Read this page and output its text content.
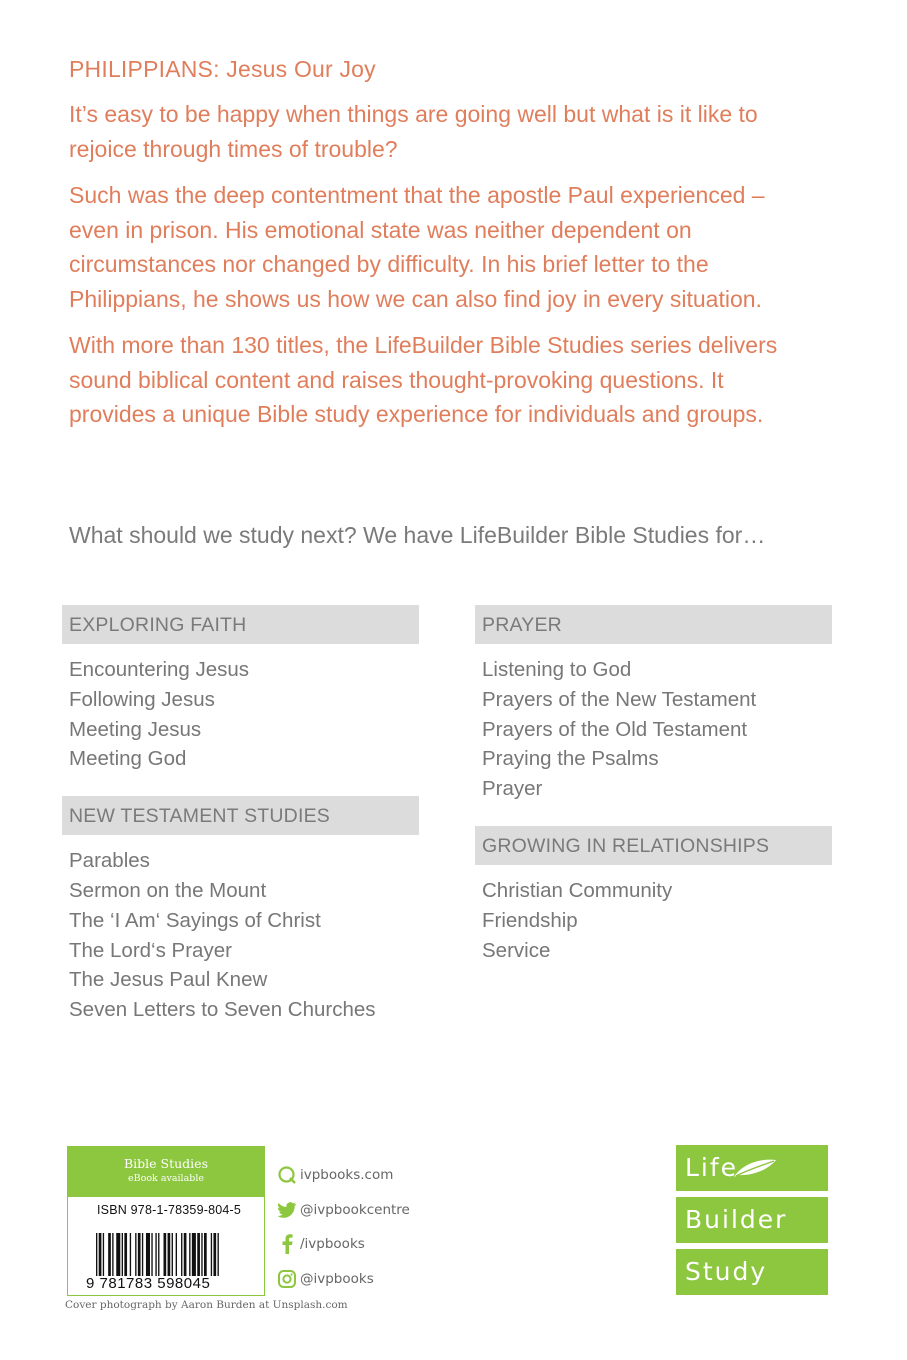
PHILIPPIANS: Jesus Our Joy

It’s easy to be happy when things are going well but what is it like to rejoice through times of trouble?

Such was the deep contentment that the apostle Paul experienced – even in prison. His emotional state was neither dependent on circumstances nor changed by difficulty. In his brief letter to the Philippians, he shows us how we can also find joy in every situation.

With more than 130 titles, the LifeBuilder Bible Studies series delivers sound biblical content and raises thought-provoking questions. It provides a unique Bible study experience for individuals and groups.

What should we study next? We have LifeBuilder Bible Studies for…

EXPLORING FAITH
Encountering Jesus
Following Jesus
Meeting Jesus
Meeting God
NEW TESTAMENT STUDIES
Parables
Sermon on the Mount
The ‘I Am‘ Sayings of Christ
The Lord‘s Prayer
The Jesus Paul Knew
Seven Letters to Seven Churches
PRAYER
Listening to God
Prayers of the New Testament
Prayers of the Old Testament
Praying the Psalms
Prayer
GROWING IN RELATIONSHIPS
Christian Community
Friendship
Service
Bible Studies
eBook available
ISBN 978-1-78359-804-5
9 781783 598045
ivpbooks.com
@ivpbookcentre
/ivpbooks
@ivpbooks
Cover photograph by Aaron Burden at Unsplash.com
Life
Builder
Study
